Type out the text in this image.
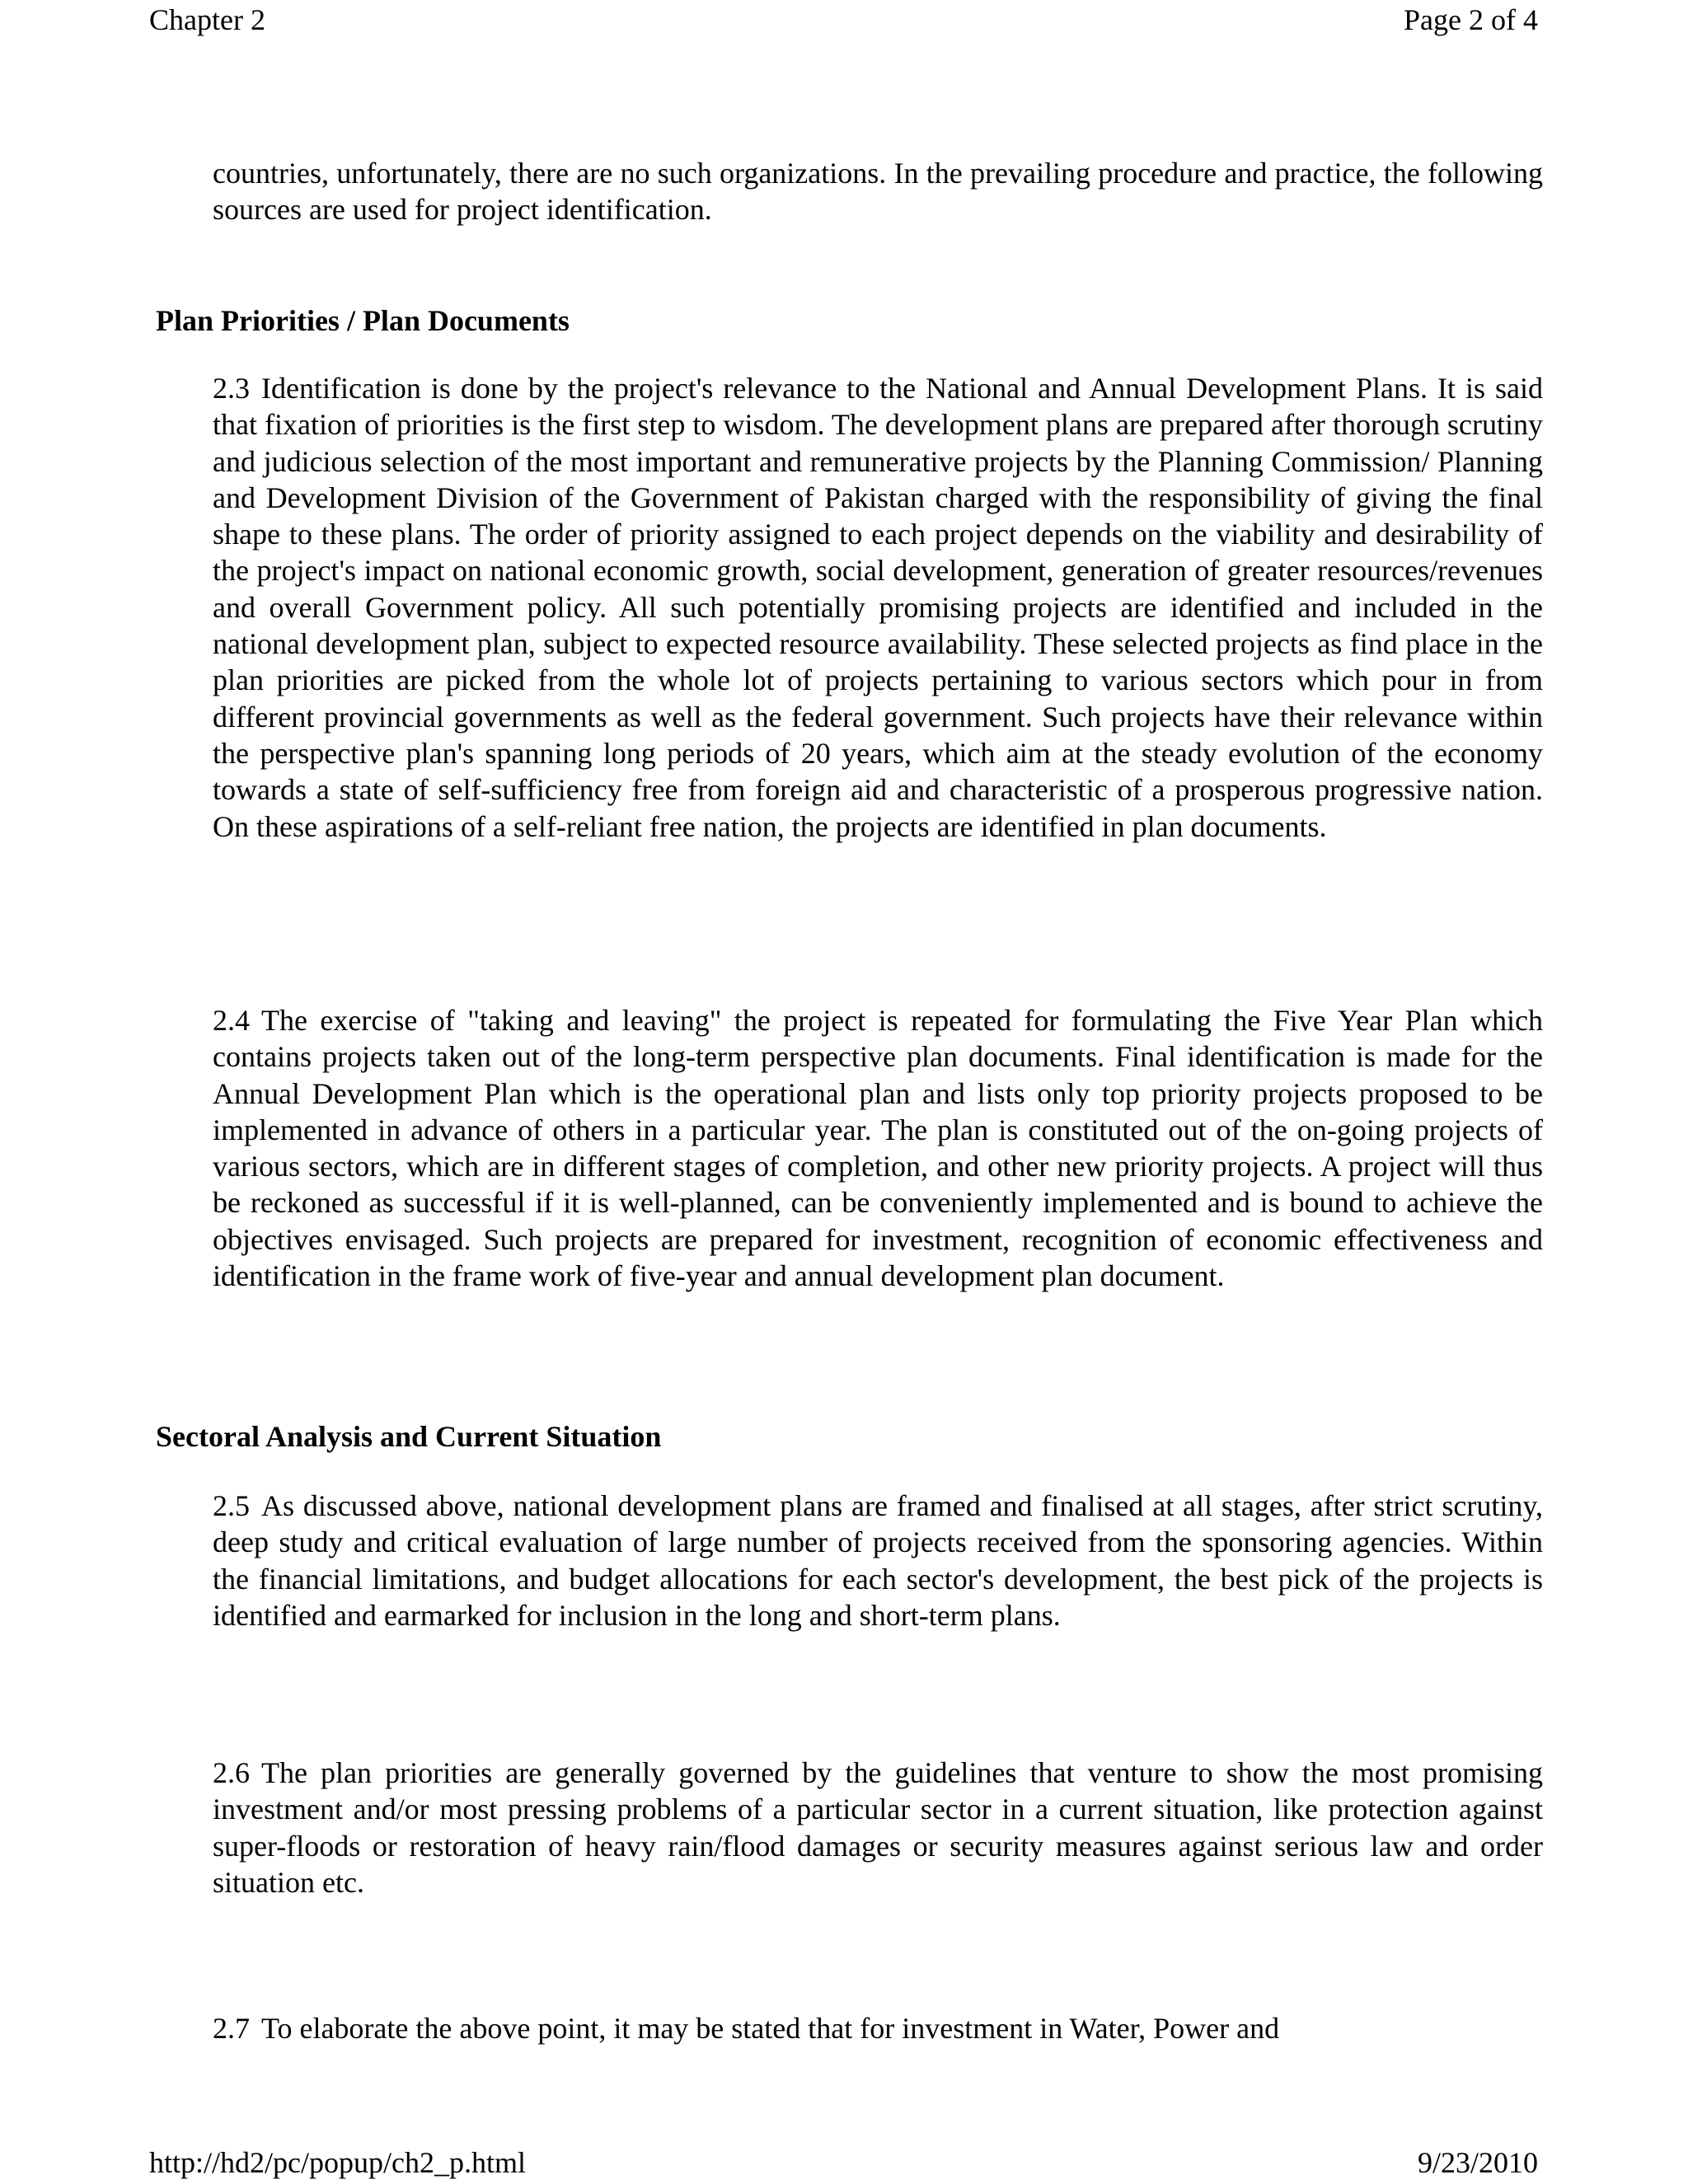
Chapter 2	Page 2 of 4

countries, unfortunately, there are no such organizations. In the prevailing procedure and practice, the following sources are used for project identification.

Plan Priorities / Plan Documents

2.3 Identification is done by the project's relevance to the National and Annual Development Plans. It is said that fixation of priorities is the first step to wisdom. The development plans are prepared after thorough scrutiny and judicious selection of the most important and remunerative projects by the Planning Commission/ Planning and Development Division of the Government of Pakistan charged with the responsibility of giving the final shape to these plans. The order of priority assigned to each project depends on the viability and desirability of the project's impact on national economic growth, social development, generation of greater resources/revenues and overall Government policy. All such potentially promising projects are identified and included in the national development plan, subject to expected resource availability. These selected projects as find place in the plan priorities are picked from the whole lot of projects pertaining to various sectors which pour in from different provincial governments as well as the federal government. Such projects have their relevance within the perspective plan's spanning long periods of 20 years, which aim at the steady evolution of the economy towards a state of self-sufficiency free from foreign aid and characteristic of a prosperous progressive nation. On these aspirations of a self-reliant free nation, the projects are identified in plan documents.

2.4 The exercise of "taking and leaving" the project is repeated for formulating the Five Year Plan which contains projects taken out of the long-term perspective plan documents. Final identification is made for the Annual Development Plan which is the operational plan and lists only top priority projects proposed to be implemented in advance of others in a particular year. The plan is constituted out of the on-going projects of various sectors, which are in different stages of completion, and other new priority projects. A project will thus be reckoned as successful if it is well-planned, can be conveniently implemented and is bound to achieve the objectives envisaged. Such projects are prepared for investment, recognition of economic effectiveness and identification in the frame work of five-year and annual development plan document.

Sectoral Analysis and Current Situation

2.5 As discussed above, national development plans are framed and finalised at all stages, after strict scrutiny, deep study and critical evaluation of large number of projects received from the sponsoring agencies. Within the financial limitations, and budget allocations for each sector's development, the best pick of the projects is identified and earmarked for inclusion in the long and short-term plans.

2.6 The plan priorities are generally governed by the guidelines that venture to show the most promising investment and/or most pressing problems of a particular sector in a current situation, like protection against super-floods or restoration of heavy rain/flood damages or security measures against serious law and order situation etc.

2.7 To elaborate the above point, it may be stated that for investment in Water, Power and

http://hd2/pc/popup/ch2_p.html	9/23/2010
